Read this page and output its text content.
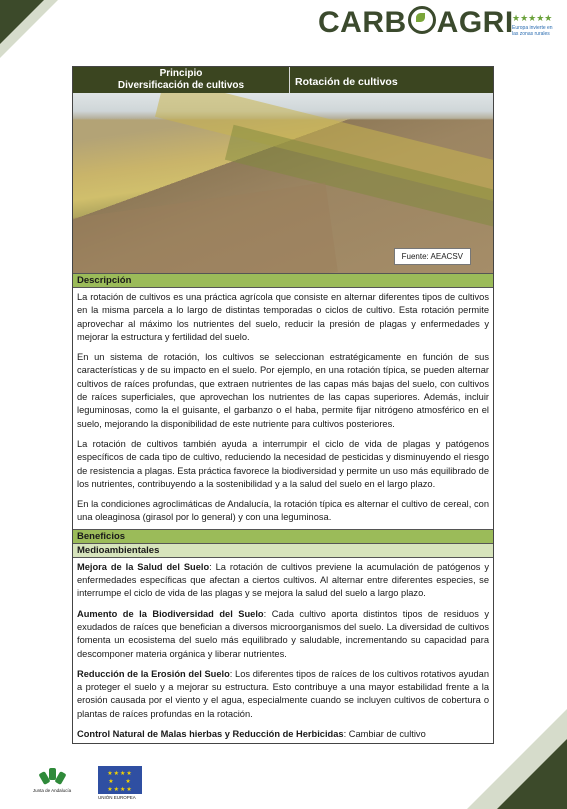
CARB AGRI
★★★★★
Europa invierte en las zonas rurales
Principio
Diversificación de cultivos	Rotación de cultivos
Fuente: AEACSV
Descripción

La rotación de cultivos es una práctica agrícola que consiste en alternar diferentes tipos de cultivos en la misma parcela a lo largo de distintas temporadas o ciclos de cultivo. Esta rotación permite aprovechar al máximo los nutrientes del suelo, reducir la presión de plagas y enfermedades y mejorar la estructura y fertilidad del suelo.

En un sistema de rotación, los cultivos se seleccionan estratégicamente en función de sus características y de su impacto en el suelo. Por ejemplo, en una rotación típica, se pueden alternar cultivos de raíces profundas, que extraen nutrientes de las capas más bajas del suelo, con cultivos de raíces superficiales, que aprovechan los nutrientes de las capas superiores. Además, incluir leguminosas, como la el guisante, el garbanzo o el haba, permite fijar nitrógeno atmosférico en el suelo, mejorando la disponibilidad de este nutriente para cultivos posteriores.

La rotación de cultivos también ayuda a interrumpir el ciclo de vida de plagas y patógenos específicos de cada tipo de cultivo, reduciendo la necesidad de pesticidas y disminuyendo el riesgo de resistencia a plagas. Esta práctica favorece la biodiversidad y permite un uso más equilibrado de los nutrientes, contribuyendo a la sostenibilidad y a la salud del suelo en el largo plazo.

En la condiciones agroclimáticas de Andalucía, la rotación típica es alternar el cultivo de cereal, con una oleaginosa (girasol por lo general) y con una leguminosa.

Beneficios
Medioambientales

Mejora de la Salud del Suelo: La rotación de cultivos previene la acumulación de patógenos y enfermedades específicas que afectan a ciertos cultivos. Al alternar entre diferentes especies, se interrumpe el ciclo de vida de las plagas y se mejora la salud del suelo a largo plazo.

Aumento de la Biodiversidad del Suelo: Cada cultivo aporta distintos tipos de residuos y exudados de raíces que benefician a diversos microorganismos del suelo. La diversidad de cultivos fomenta un ecosistema del suelo más equilibrado y saludable, incrementando su capacidad para descomponer materia orgánica y liberar nutrientes.

Reducción de la Erosión del Suelo: Los diferentes tipos de raíces de los cultivos rotativos ayudan a proteger el suelo y a mejorar su estructura. Esto contribuye a una mayor estabilidad frente a la erosión causada por el viento y el agua, especialmente cuando se incluyen cultivos de cobertura o plantas de raíces profundas en la rotación.

Control Natural de Malas hierbas y Reducción de Herbicidas: Cambiar de cultivo

Junta de Andalucía
★★★★
★    ★
★★★★
UNIÓN EUROPEA
